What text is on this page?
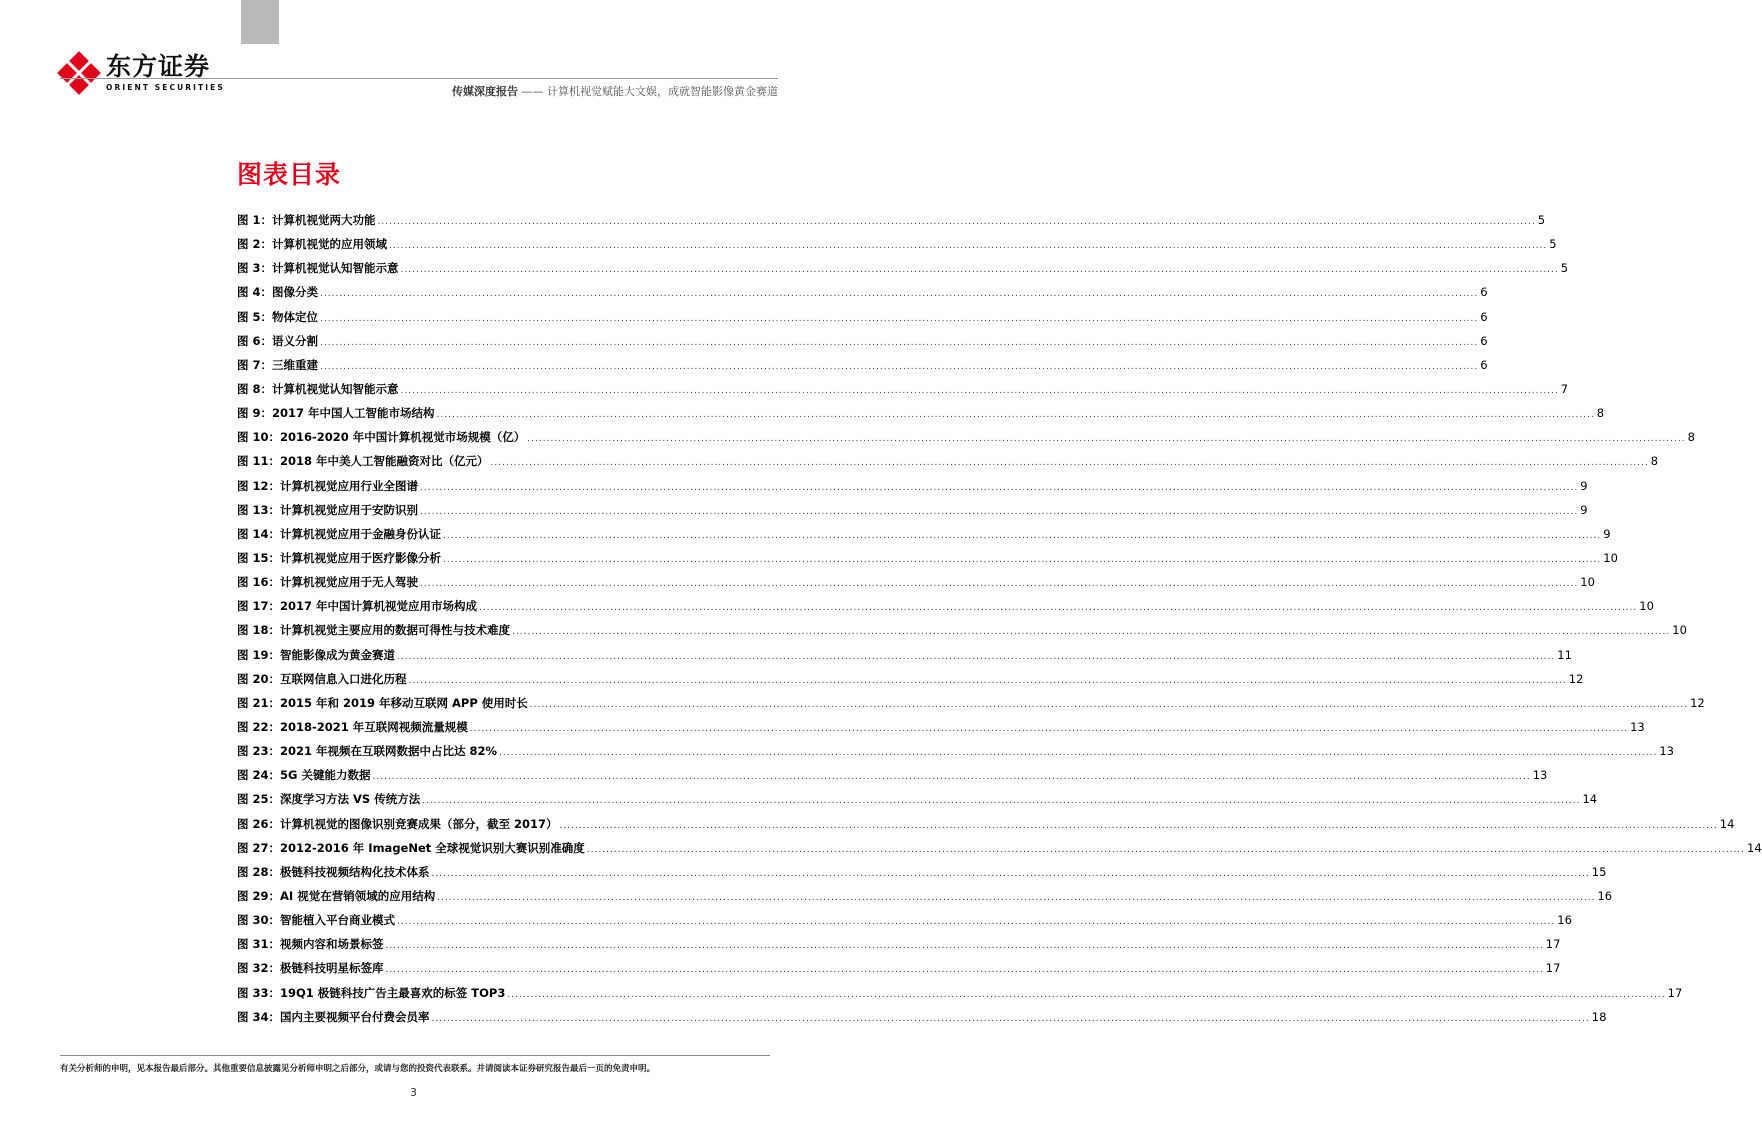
东方证券
ORIENT SECURITIES	传媒深度报告 —— 计算机视觉赋能大文娱，成就智能影像黄金赛道
图表目录
图 1：计算机视觉两大功能 ............................................................................................................................................................................................................................................................................................................ 5
图 2：计算机视觉的应用领域 ............................................................................................................................................................................................................................................................................................................ 5
图 3：计算机视觉认知智能示意 ............................................................................................................................................................................................................................................................................................................ 5
图 4：图像分类 ............................................................................................................................................................................................................................................................................................................ 6
图 5：物体定位 ............................................................................................................................................................................................................................................................................................................ 6
图 6：语义分割 ............................................................................................................................................................................................................................................................................................................ 6
图 7：三维重建 ............................................................................................................................................................................................................................................................................................................ 6
图 8：计算机视觉认知智能示意 ............................................................................................................................................................................................................................................................................................................ 7
图 9：2017 年中国人工智能市场结构 ............................................................................................................................................................................................................................................................................................................ 8
图 10：2016-2020 年中国计算机视觉市场规模（亿） ............................................................................................................................................................................................................................................................................................................ 8
图 11：2018 年中美人工智能融资对比（亿元） ............................................................................................................................................................................................................................................................................................................ 8
图 12：计算机视觉应用行业全图谱 ............................................................................................................................................................................................................................................................................................................ 9
图 13：计算机视觉应用于安防识别 ............................................................................................................................................................................................................................................................................................................ 9
图 14：计算机视觉应用于金融身份认证 ............................................................................................................................................................................................................................................................................................................ 9
图 15：计算机视觉应用于医疗影像分析 ............................................................................................................................................................................................................................................................................................................ 10
图 16：计算机视觉应用于无人驾驶 ............................................................................................................................................................................................................................................................................................................ 10
图 17：2017 年中国计算机视觉应用市场构成 ............................................................................................................................................................................................................................................................................................................ 10
图 18：计算机视觉主要应用的数据可得性与技术难度 ............................................................................................................................................................................................................................................................................................................ 10
图 19：智能影像成为黄金赛道 ............................................................................................................................................................................................................................................................................................................ 11
图 20：互联网信息入口进化历程 ............................................................................................................................................................................................................................................................................................................ 12
图 21：2015 年和 2019 年移动互联网 APP 使用时长 ............................................................................................................................................................................................................................................................................................................ 12
图 22：2018-2021 年互联网视频流量规模 ............................................................................................................................................................................................................................................................................................................ 13
图 23：2021 年视频在互联网数据中占比达 82% ............................................................................................................................................................................................................................................................................................................ 13
图 24：5G 关键能力数据 ............................................................................................................................................................................................................................................................................................................ 13
图 25：深度学习方法 VS 传统方法 ............................................................................................................................................................................................................................................................................................................ 14
图 26：计算机视觉的图像识别竞赛成果（部分，截至 2017） ............................................................................................................................................................................................................................................................................................................ 14
图 27：2012-2016 年 ImageNet 全球视觉识别大赛识别准确度 ............................................................................................................................................................................................................................................................................................................ 14
图 28：极链科技视频结构化技术体系 ............................................................................................................................................................................................................................................................................................................ 15
图 29：AI 视觉在营销领域的应用结构 ............................................................................................................................................................................................................................................................................................................ 16
图 30：智能植入平台商业模式 ............................................................................................................................................................................................................................................................................................................ 16
图 31：视频内容和场景标签 ............................................................................................................................................................................................................................................................................................................ 17
图 32：极链科技明星标签库 ............................................................................................................................................................................................................................................................................................................ 17
图 33：19Q1 极链科技广告主最喜欢的标签 TOP3 ............................................................................................................................................................................................................................................................................................................ 17
图 34：国内主要视频平台付费会员率 ............................................................................................................................................................................................................................................................................................................ 18
有关分析师的申明，见本报告最后部分。其他重要信息披露见分析师申明之后部分，或请与您的投资代表联系。并请阅读本证券研究报告最后一页的免责申明。
3
